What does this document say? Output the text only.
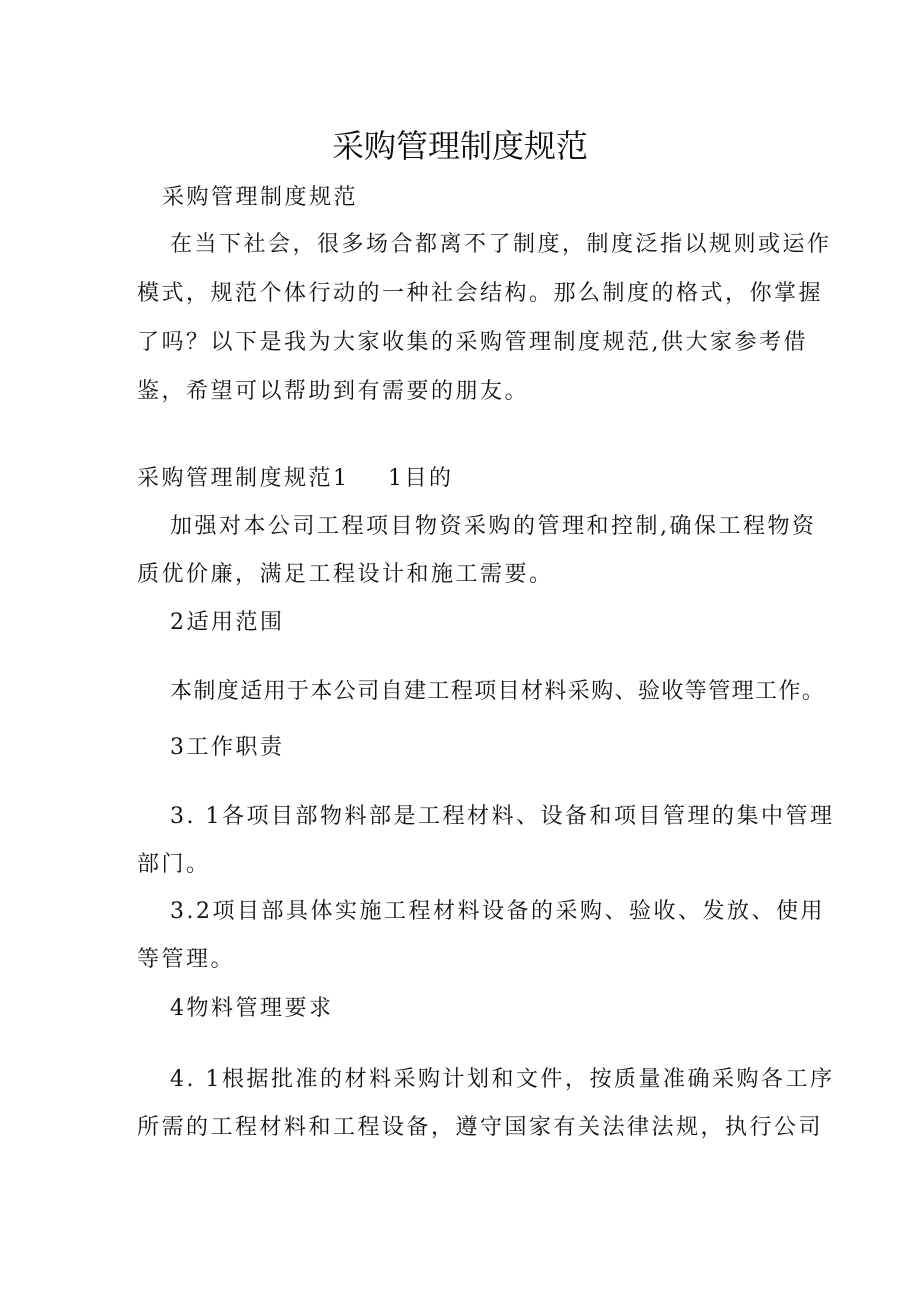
采购管理制度规范
采购管理制度规范
在当下社会，很多场合都离不了制度，制度泛指以规则或运作
模式，规范个体行动的一种社会结构。那么制度的格式，你掌握
了吗？以下是我为大家收集的采购管理制度规范,供大家参考借
鉴，希望可以帮助到有需要的朋友。
采购管理制度规范1 1目的
加强对本公司工程项目物资采购的管理和控制,确保工程物资
质优价廉，满足工程设计和施工需要。
2适用范围
本制度适用于本公司自建工程项目材料采购、验收等管理工作。
3工作职责
3. 1各项目部物料部是工程材料、设备和项目管理的集中管理
部门。
3.2项目部具体实施工程材料设备的采购、验收、发放、使用
等管理。
4物料管理要求
4. 1根据批准的材料采购计划和文件，按质量准确采购各工序
所需的工程材料和工程设备，遵守国家有关法律法规，执行公司
